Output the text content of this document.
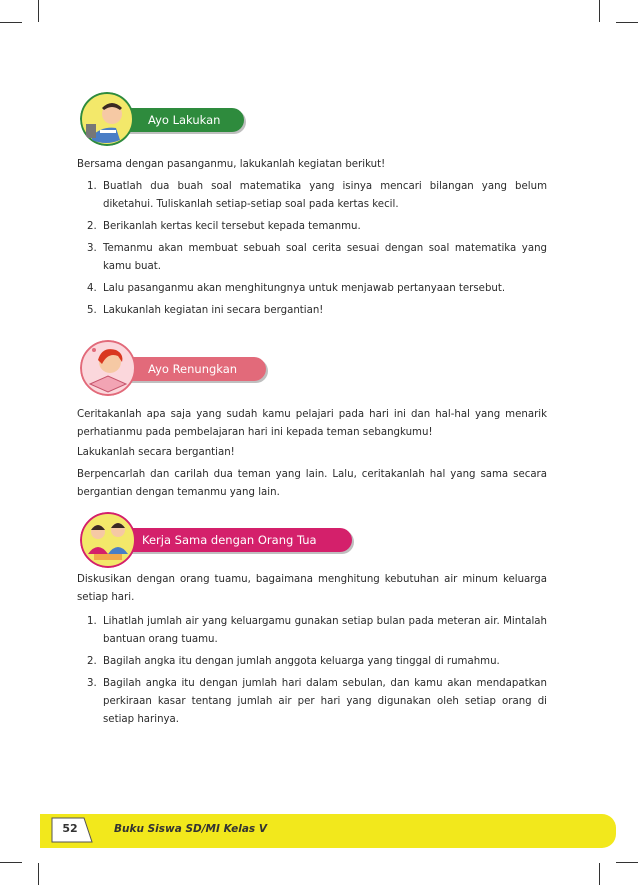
Ayo Lakukan
Bersama dengan pasanganmu, lakukanlah kegiatan berikut!
1. Buatlah dua buah soal matematika yang isinya mencari bilangan yang belum diketahui. Tuliskanlah setiap-setiap soal pada kertas kecil.
2. Berikanlah kertas kecil tersebut kepada temanmu.
3. Temanmu akan membuat sebuah soal cerita sesuai dengan soal matematika yang kamu buat.
4. Lalu pasanganmu akan menghitungnya untuk menjawab pertanyaan tersebut.
5. Lakukanlah kegiatan ini secara bergantian!
Ayo Renungkan
Ceritakanlah apa saja yang sudah kamu pelajari pada hari ini dan hal-hal yang menarik perhatianmu pada pembelajaran hari ini kepada teman sebangkumu!
Lakukanlah secara bergantian!
Berpencarlah dan carilah dua teman yang lain. Lalu, ceritakanlah hal yang sama secara bergantian dengan temanmu yang lain.
Kerja Sama dengan Orang Tua
Diskusikan dengan orang tuamu, bagaimana menghitung kebutuhan air minum keluarga setiap hari.
1. Lihatlah jumlah air yang keluargamu gunakan setiap bulan pada meteran air. Mintalah bantuan orang tuamu.
2. Bagilah angka itu dengan jumlah anggota keluarga yang tinggal di rumahmu.
3. Bagilah angka itu dengan jumlah hari dalam sebulan, dan kamu akan mendapatkan perkiraan kasar tentang jumlah air per hari yang digunakan oleh setiap orang di setiap harinya.
52	Buku Siswa SD/MI Kelas V
